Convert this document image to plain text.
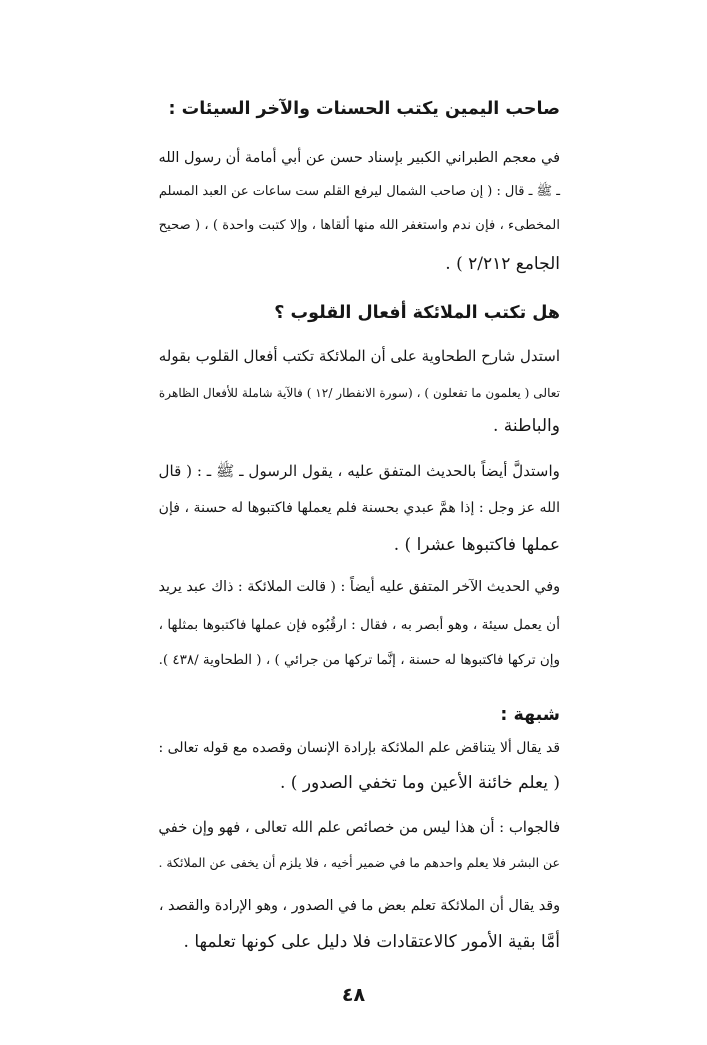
صاحب اليمين يكتب الحسنات والآخر السيئات :
في معجم الطبراني الكبير بإسناد حسن عن أبي أمامة أن رسول الله
ـ ﷺ ـ قال : ( إن صاحب الشمال ليرفع القلم ست ساعات عن العبد المسلم
المخطىء ، فإن ندم واستغفر الله منها ألقاها ، وإلا كتبت واحدة ) ، ( صحيح
الجامع ٢/٢١٢ ) .
هل تكتب الملائكة أفعال القلوب ؟
استدل شارح الطحاوية على أن الملائكة تكتب أفعال القلوب بقوله
تعالى ( يعلمون ما تفعلون ) ، (سورة الانفطار /١٢ ) فالآية شاملة للأفعال الظاهرة
والباطنة .
واستدلَّ أيضاً بالحديث المتفق عليه ، يقول الرسول ـ ﷺ ـ : ( قال
الله عز وجل : إذا همَّ عبدي بحسنة فلم يعملها فاكتبوها له حسنة ، فإن
عملها فاكتبوها عشرا ) .
وفي الحديث الآخر المتفق عليه أيضاً : ( قالت الملائكة : ذاك عبد يريد
أن يعمل سيئة ، وهو أبصر به ، فقال : ارقُبُوه فإن عملها فاكتبوها بمثلها ،
وإن تركها فاكتبوها له حسنة ، إنَّما تركها من جرائي ) ، ( الطحاوية /٤٣٨ ).
شبهة :
قد يقال ألا يتناقض علم الملائكة بإرادة الإنسان وقصده مع قوله تعالى :
( يعلم خائنة الأعين وما تخفي الصدور ) .
فالجواب : أن هذا ليس من خصائص علم الله تعالى ، فهو وإن خفي
عن البشر فلا يعلم واحدهم ما في ضمير أخيه ، فلا يلزم أن يخفى عن الملائكة .
وقد يقال أن الملائكة تعلم بعض ما في الصدور ، وهو الإرادة والقصد ،
أمَّا بقية الأمور كالاعتقادات فلا دليل على كونها تعلمها .
٤٨
